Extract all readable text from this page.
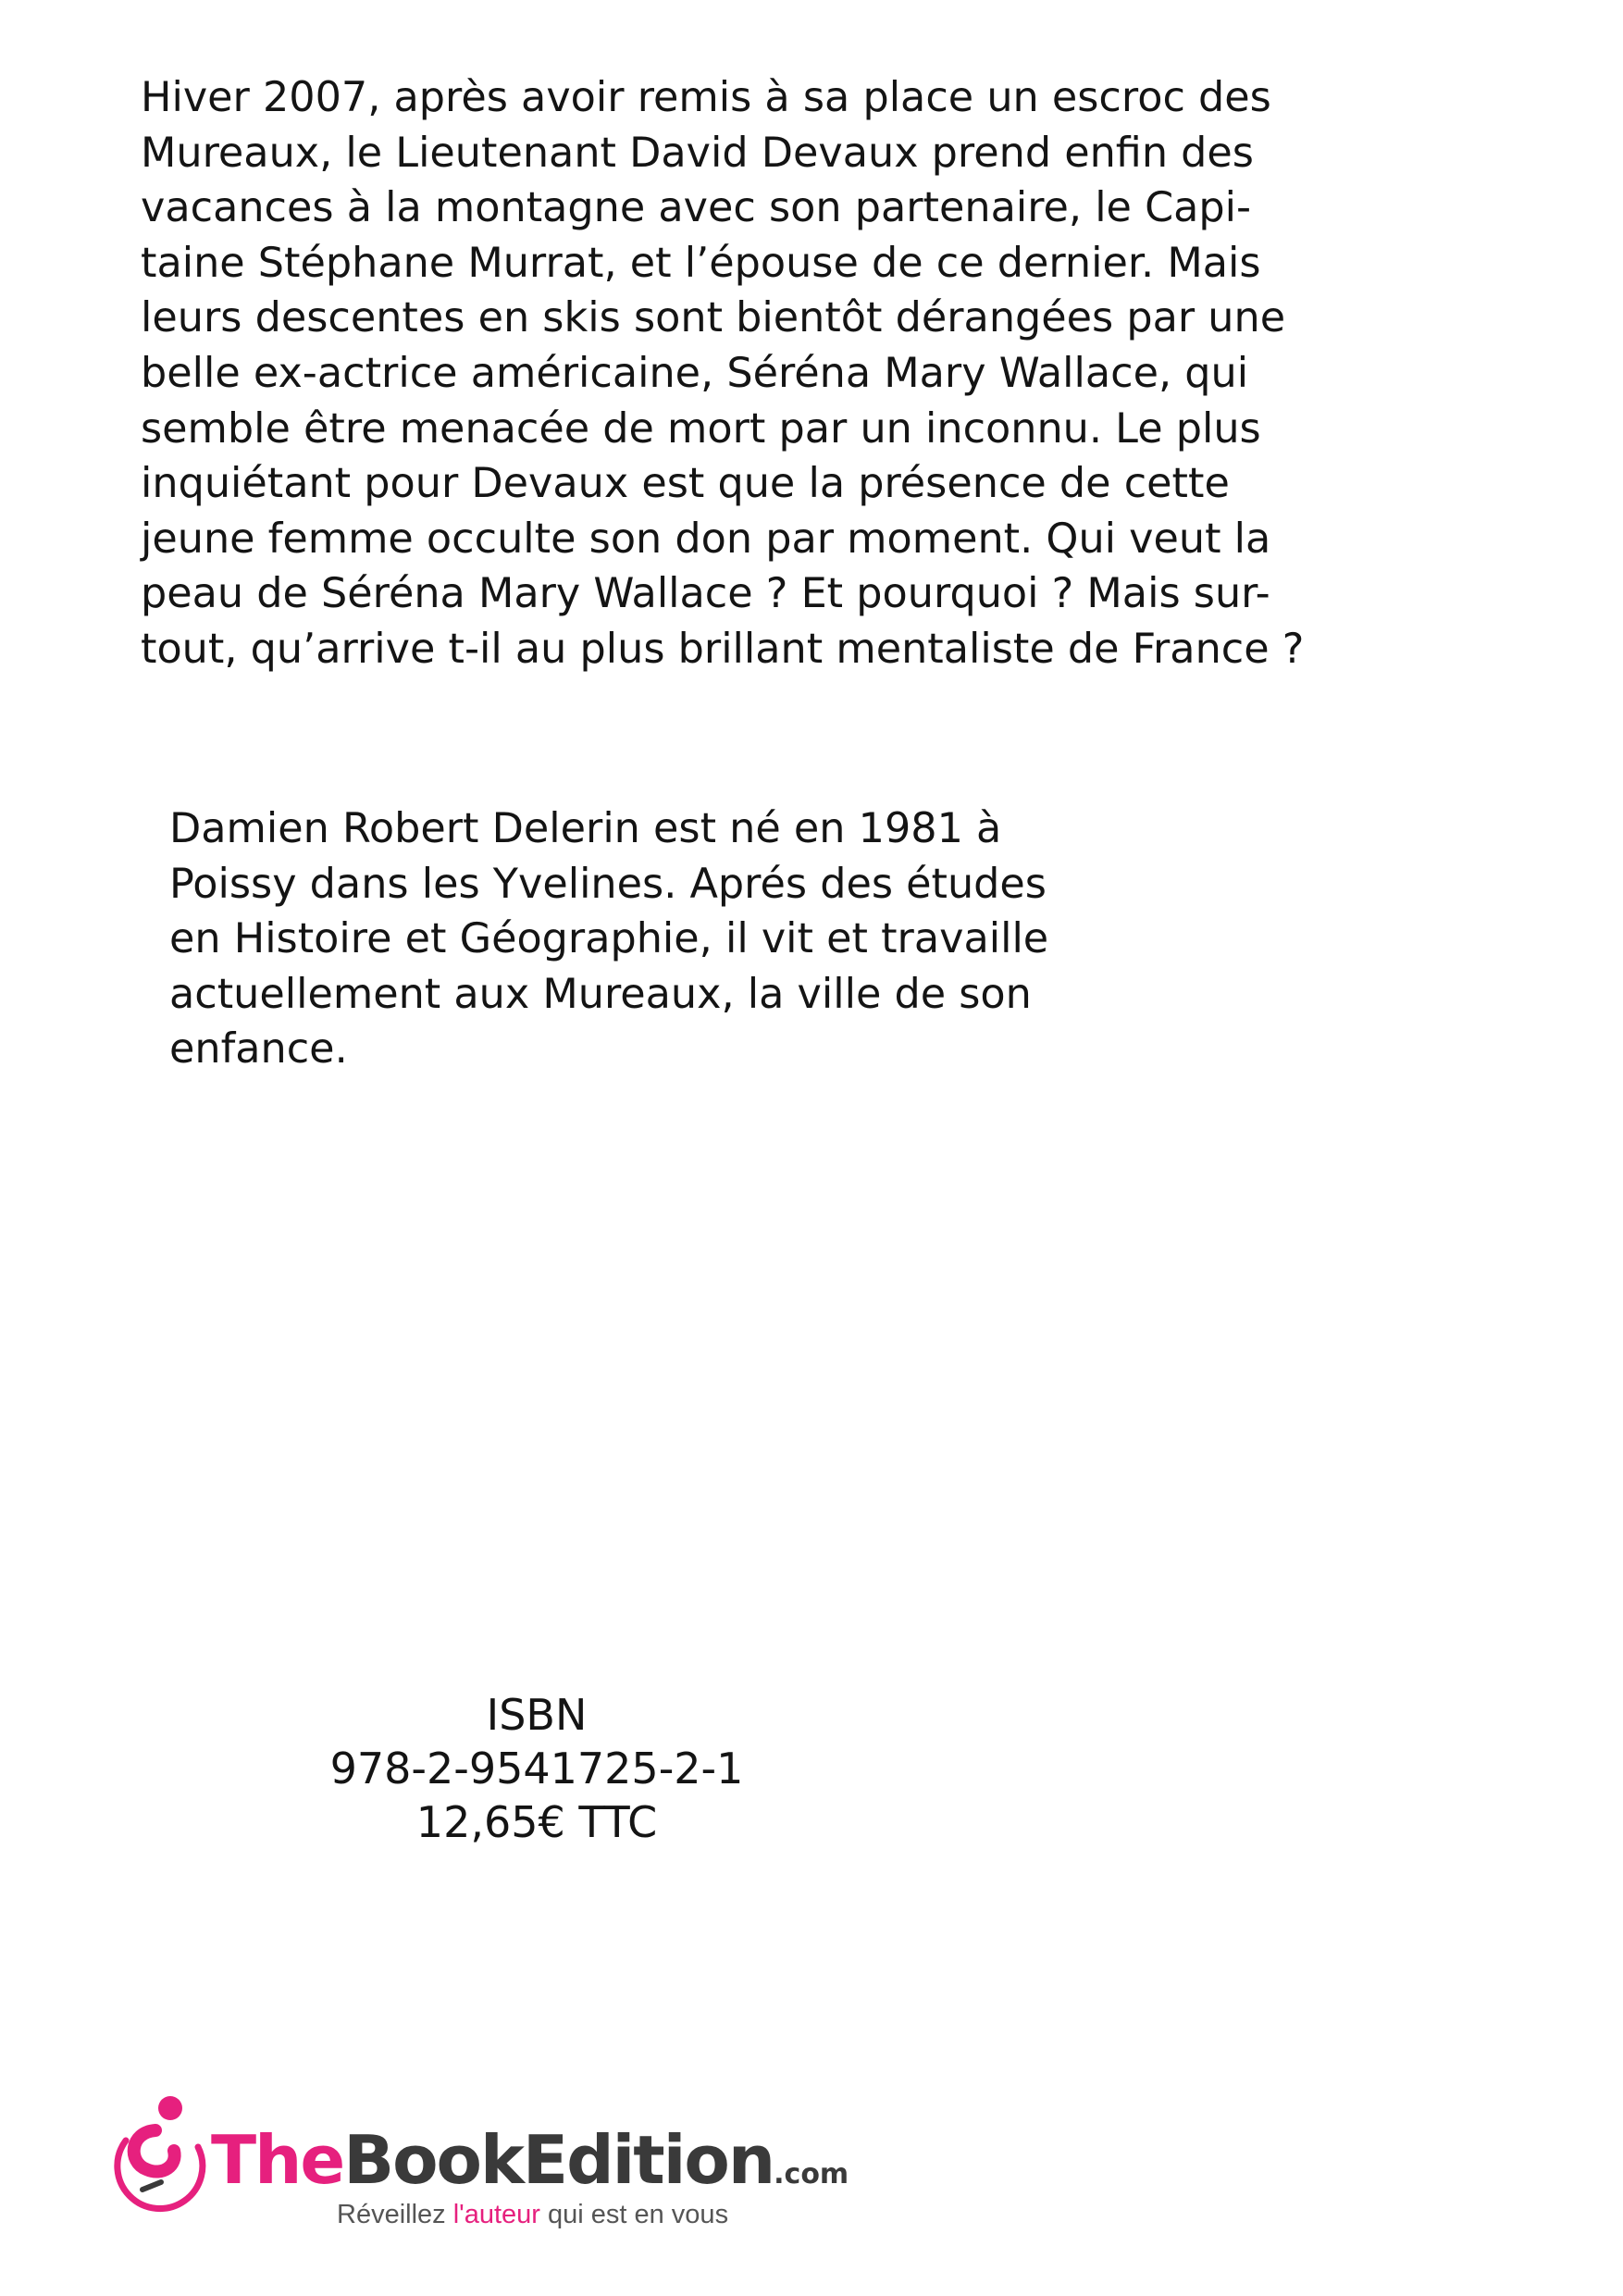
Hiver 2007, après avoir remis à sa place un escroc des
Mureaux, le Lieutenant David Devaux prend enfin des
vacances à la montagne avec son partenaire, le Capi-
taine Stéphane Murrat, et l’épouse de ce dernier. Mais
leurs descentes en skis sont bientôt dérangées par une
belle ex-actrice américaine, Séréna Mary Wallace, qui
semble être menacée de mort par un inconnu. Le plus
inquiétant pour Devaux est que la présence de cette
jeune femme occulte son don par moment. Qui veut la
peau de Séréna Mary Wallace ? Et pourquoi ? Mais sur-
tout, qu’arrive t-il au plus brillant mentaliste de France ?

Damien Robert Delerin est né en 1981 à
Poissy dans les Yvelines. Aprés des études
en Histoire et Géographie, il vit et travaille
actuellement aux Mureaux, la ville de son
enfance.

ISBN
978-2-9541725-2-1
12,65€ TTC
TheBookEdition.com
Réveillez l'auteur qui est en vous
